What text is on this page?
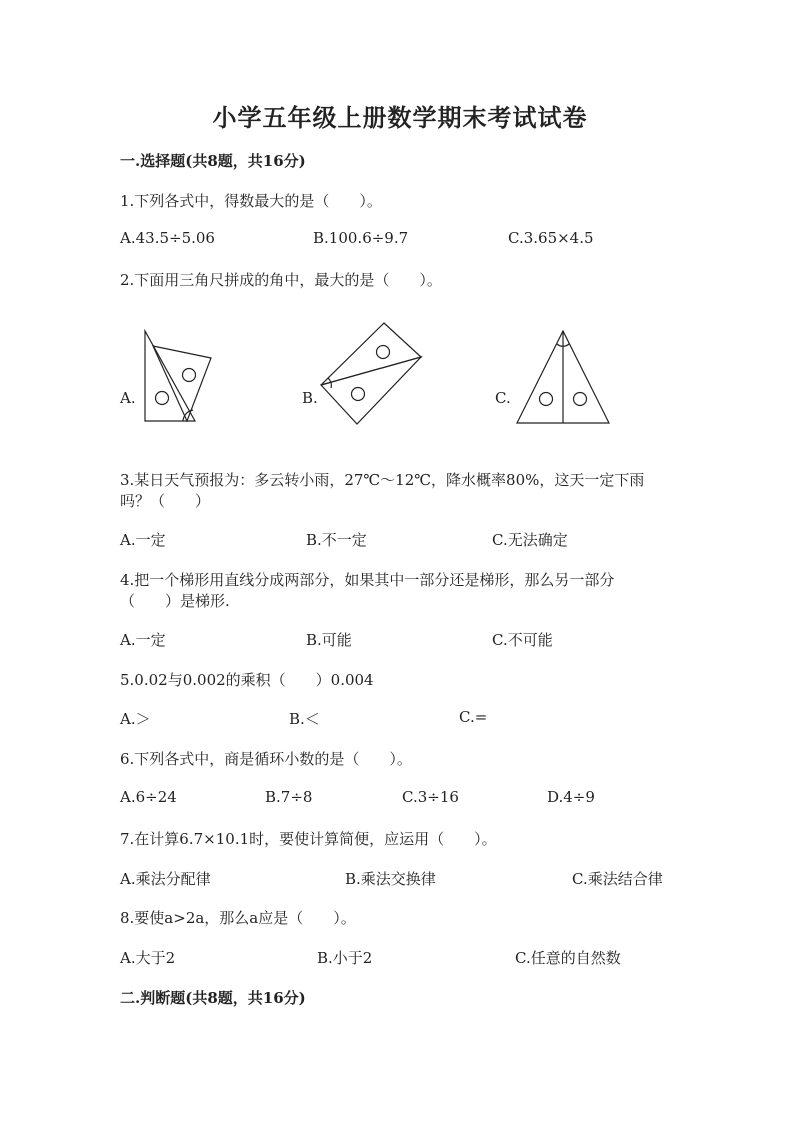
小学五年级上册数学期末考试试卷
一.选择题(共8题，共16分)
1.下列各式中，得数最大的是（　　）。
A.43.5÷5.06	B.100.6÷9.7	C.3.65×4.5
2.下面用三角尺拼成的角中，最大的是（　　）。
A.	B.	C.
3.某日天气预报为：多云转小雨，27℃～12℃，降水概率80%，这天一定下雨
吗？（　　）
A.一定	B.不一定	C.无法确定
4.把一个梯形用直线分成两部分，如果其中一部分还是梯形，那么另一部分
（　　）是梯形.
A.一定	B.可能	C.不可能
5.0.02与0.002的乘积（　　）0.004
A.＞	B.＜	C.=
6.下列各式中，商是循环小数的是（　　）。
A.6÷24	B.7÷8	C.3÷16	D.4÷9
7.在计算6.7×10.1时，要使计算简便，应运用（　　）。
A.乘法分配律	B.乘法交换律	C.乘法结合律
8.要使a>2a，那么a应是（　　）。
A.大于2	B.小于2	C.任意的自然数
二.判断题(共8题，共16分)
